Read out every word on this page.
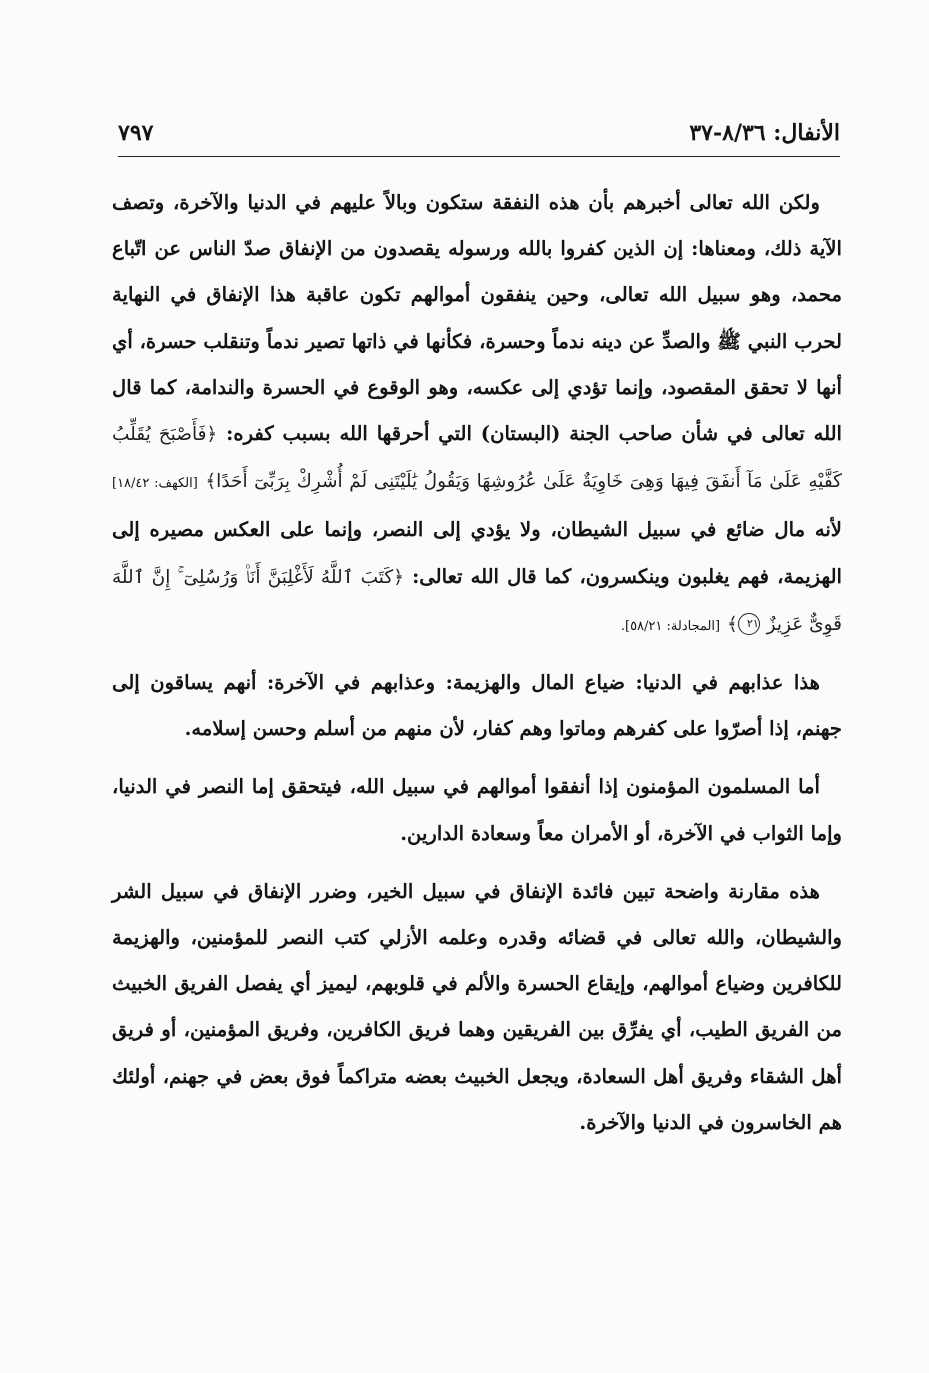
الأنفال: ٨/٣٦-٣٧
٧٩٧

ولكن الله تعالى أخبرهم بأن هذه النفقة ستكون وبالاً عليهم في الدنيا والآخرة، وتصف الآية ذلك، ومعناها: إن الذين كفروا بالله ورسوله يقصدون من الإنفاق صدّ الناس عن اتّباع محمد، وهو سبيل الله تعالى، وحين ينفقون أموالهم تكون عاقبة هذا الإنفاق في النهاية لحرب النبي ﷺ والصدِّ عن دينه ندماً وحسرة، فكأنها في ذاتها تصير ندماً وتنقلب حسرة، أي أنها لا تحقق المقصود، وإنما تؤدي إلى عكسه، وهو الوقوع في الحسرة والندامة، كما قال الله تعالى في شأن صاحب الجنة (البستان) التي أحرقها الله بسبب كفره: ﴿فَأَصْبَحَ يُقَلِّبُ كَفَّيْهِ عَلَىٰ مَآ أَنفَقَ فِيهَا وَهِىَ خَاوِيَةٌ عَلَىٰ عُرُوشِهَا وَيَقُولُ يَٰلَيْتَنِى لَمْ أُشْرِكْ بِرَبِّىٓ أَحَدًا﴾ [الكهف: ١٨/٤٢] لأنه مال ضائع في سبيل الشيطان، ولا يؤدي إلى النصر، وإنما على العكس مصيره إلى الهزيمة، فهم يغلبون وينكسرون، كما قال الله تعالى: ﴿كَتَبَ ٱللَّهُ لَأَغْلِبَنَّ أَنَا۠ وَرُسُلِىٓ ۚ إِنَّ ٱللَّهَ قَوِىٌّ عَزِيزٌ ٢١﴾ [المجادلة: ٥٨/٢١].

هذا عذابهم في الدنيا: ضياع المال والهزيمة: وعذابهم في الآخرة: أنهم يساقون إلى جهنم، إذا أصرّوا على كفرهم وماتوا وهم كفار، لأن منهم من أسلم وحسن إسلامه.

أما المسلمون المؤمنون إذا أنفقوا أموالهم في سبيل الله، فيتحقق إما النصر في الدنيا، وإما الثواب في الآخرة، أو الأمران معاً وسعادة الدارين.

هذه مقارنة واضحة تبين فائدة الإنفاق في سبيل الخير، وضرر الإنفاق في سبيل الشر والشيطان، والله تعالى في قضائه وقدره وعلمه الأزلي كتب النصر للمؤمنين، والهزيمة للكافرين وضياع أموالهم، وإيقاع الحسرة والألم في قلوبهم، ليميز أي يفصل الفريق الخبيث من الفريق الطيب، أي يفرِّق بين الفريقين وهما فريق الكافرين، وفريق المؤمنين، أو فريق أهل الشقاء وفريق أهل السعادة، ويجعل الخبيث بعضه متراكماً فوق بعض في جهنم، أولئك هم الخاسرون في الدنيا والآخرة.
